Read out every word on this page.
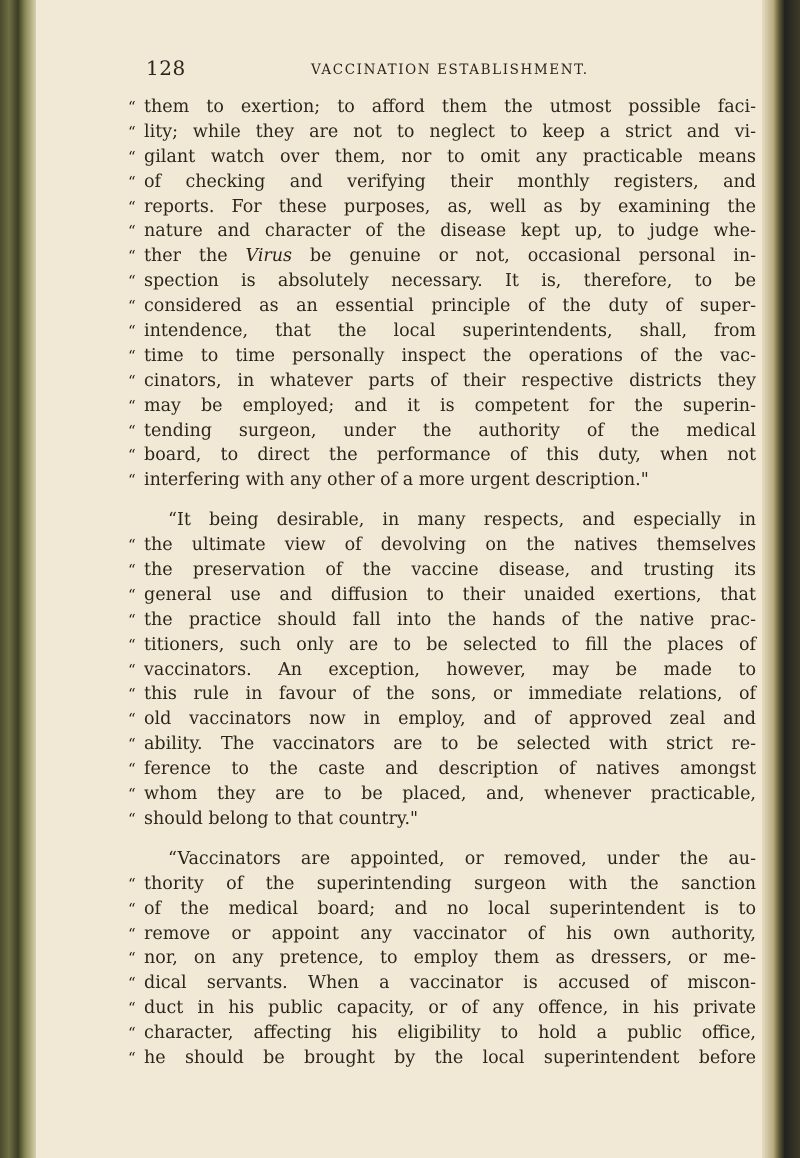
128	VACCINATION ESTABLISHMENT.
“ them to exertion; to afford them the utmost possible faci-
“ lity; while they are not to neglect to keep a strict and vi-
“ gilant watch over them, nor to omit any practicable means
“ of checking and verifying their monthly registers, and
“ reports. For these purposes, as, well as by examining the
“ nature and character of the disease kept up, to judge whe-
“ ther the Virus be genuine or not, occasional personal in-
“ spection is absolutely necessary. It is, therefore, to be
“ considered as an essential principle of the duty of super-
“ intendence, that the local superintendents, shall, from
“ time to time personally inspect the operations of the vac-
“ cinators, in whatever parts of their respective districts they
“ may be employed; and it is competent for the superin-
“ tending surgeon, under the authority of the medical
“ board, to direct the performance of this duty, when not
“ interfering with any other of a more urgent description."
“It being desirable, in many respects, and especially in
“ the ultimate view of devolving on the natives themselves
“ the preservation of the vaccine disease, and trusting its
“ general use and diffusion to their unaided exertions, that
“ the practice should fall into the hands of the native prac-
“ titioners, such only are to be selected to fill the places of
“ vaccinators. An exception, however, may be made to
“ this rule in favour of the sons, or immediate relations, of
“ old vaccinators now in employ, and of approved zeal and
“ ability. The vaccinators are to be selected with strict re-
“ ference to the caste and description of natives amongst
“ whom they are to be placed, and, whenever practicable,
“ should belong to that country."
“Vaccinators are appointed, or removed, under the au-
“ thority of the superintending surgeon with the sanction
“ of the medical board; and no local superintendent is to
“ remove or appoint any vaccinator of his own authority,
“ nor, on any pretence, to employ them as dressers, or me-
“ dical servants. When a vaccinator is accused of miscon-
“ duct in his public capacity, or of any offence, in his private
“ character, affecting his eligibility to hold a public office,
“ he should be brought by the local superintendent before
